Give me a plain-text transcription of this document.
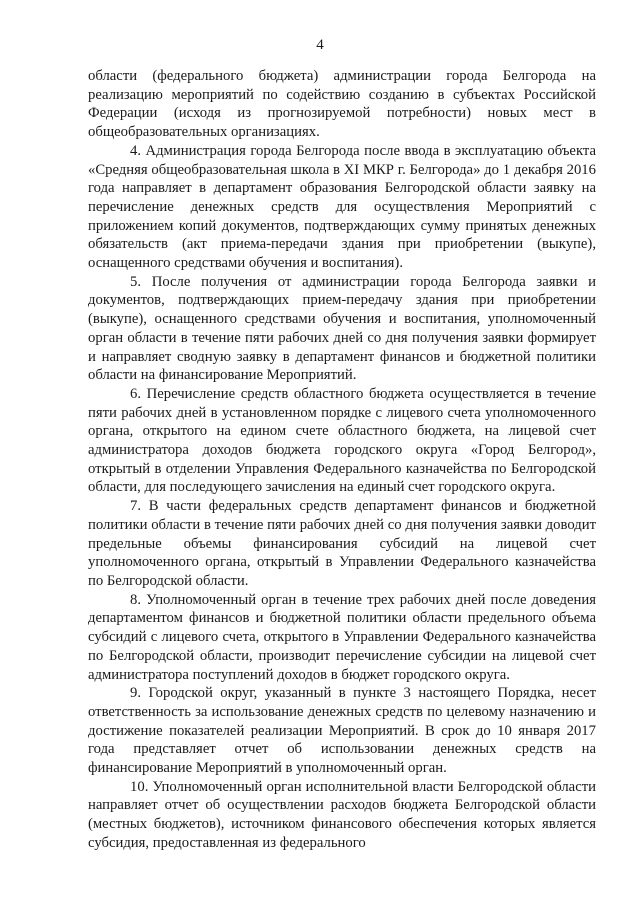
4

области (федерального бюджета) администрации города Белгорода на реализацию мероприятий по содействию созданию в субъектах Российской Федерации (исходя из прогнозируемой потребности) новых мест в общеобразовательных организациях.

4. Администрация города Белгорода после ввода в эксплуатацию объекта «Средняя общеобразовательная школа в XI МКР г. Белгорода» до 1 декабря 2016 года направляет в департамент образования Белгородской области заявку на перечисление денежных средств для осуществления Мероприятий с приложением копий документов, подтверждающих сумму принятых денежных обязательств (акт приема-передачи здания при приобретении (выкупе), оснащенного средствами обучения и воспитания).

5. После получения от администрации города Белгорода заявки и документов, подтверждающих прием-передачу здания при приобретении (выкупе), оснащенного средствами обучения и воспитания, уполномоченный орган области в течение пяти рабочих дней со дня получения заявки формирует и направляет сводную заявку в департамент финансов и бюджетной политики области на финансирование Мероприятий.

6. Перечисление средств областного бюджета осуществляется в течение пяти рабочих дней в установленном порядке с лицевого счета уполномоченного органа, открытого на едином счете областного бюджета, на лицевой счет администратора доходов бюджета городского округа «Город Белгород», открытый в отделении Управления Федерального казначейства по Белгородской области, для последующего зачисления на единый счет городского округа.

7. В части федеральных средств департамент финансов и бюджетной политики области в течение пяти рабочих дней со дня получения заявки доводит предельные объемы финансирования субсидий на лицевой счет уполномоченного органа, открытый в Управлении Федерального казначейства по Белгородской области.

8. Уполномоченный орган в течение трех рабочих дней после доведения департаментом финансов и бюджетной политики области предельного объема субсидий с лицевого счета, открытого в Управлении Федерального казначейства по Белгородской области, производит перечисление субсидии на лицевой счет администратора поступлений доходов в бюджет городского округа.

9. Городской округ, указанный в пункте 3 настоящего Порядка, несет ответственность за использование денежных средств по целевому назначению и достижение показателей реализации Мероприятий. В срок до 10 января 2017 года представляет отчет об использовании денежных средств на финансирование Мероприятий в уполномоченный орган.

10. Уполномоченный орган исполнительной власти Белгородской области направляет отчет об осуществлении расходов бюджета Белгородской области (местных бюджетов), источником финансового обеспечения которых является субсидия, предоставленная из федерального
